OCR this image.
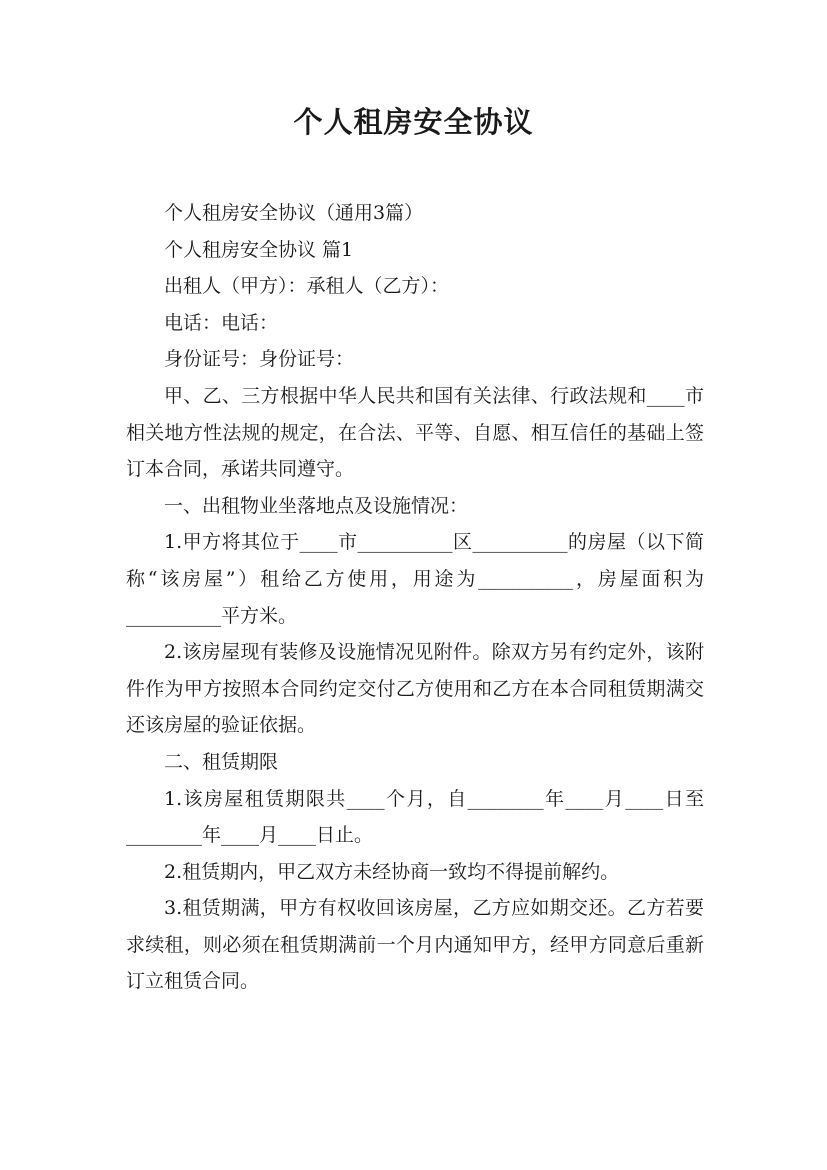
个人租房安全协议

个人租房安全协议（通用3篇）

个人租房安全协议 篇1

出租人（甲方）：承租人（乙方）：

电话：电话：

身份证号：身份证号：

甲、乙、三方根据中华人民共和国有关法律、行政法规和____市相关地方性法规的规定，在合法、平等、自愿、相互信任的基础上签订本合同，承诺共同遵守。

一、出租物业坐落地点及设施情况：

1.甲方将其位于____市__________区__________的房屋（以下简称“该房屋”）租给乙方使用，用途为__________，房屋面积为__________平方米。

2.该房屋现有装修及设施情况见附件。除双方另有约定外，该附件作为甲方按照本合同约定交付乙方使用和乙方在本合同租赁期满交还该房屋的验证依据。

二、租赁期限

1.该房屋租赁期限共____个月，自________年____月____日至________年____月____日止。

2.租赁期内，甲乙双方未经协商一致均不得提前解约。

3.租赁期满，甲方有权收回该房屋，乙方应如期交还。乙方若要求续租，则必须在租赁期满前一个月内通知甲方，经甲方同意后重新订立租赁合同。
